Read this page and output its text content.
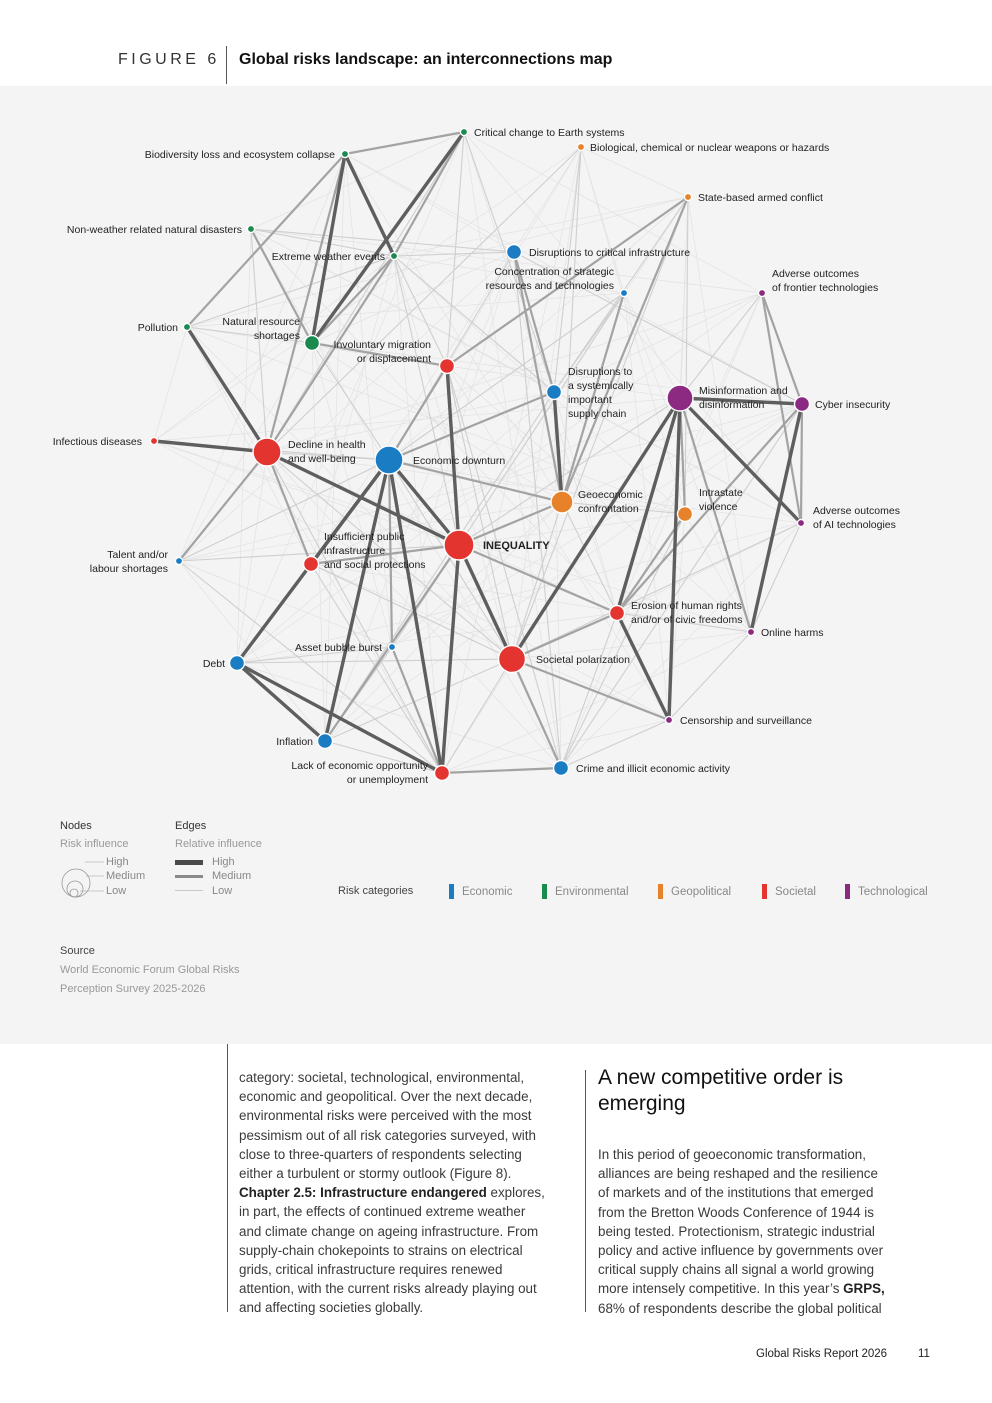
FIGURE 6 Global risks landscape: an interconnections map
Critical change to Earth systems
Biological, chemical or nuclear weapons or hazards
Biodiversity loss and ecosystem collapse
State-based armed conflict
Non-weather related natural disasters
Extreme weather events	Disruptions to critical infrastructure
Concentration of strategic resources and technologies
Adverse outcomes of frontier technologies
Pollution	Natural resource shortages
Involuntary migration or displacement
Disruptions to a systemically important supply chain
Misinformation and disinformation	Cyber insecurity
Infectious diseases	Decline in health and well-being	Economic downturn
Geoeconomic confrontation
Intrastate violence	Adverse outcomes of AI technologies
INEQUALITY
Talent and/or labour shortages
Insufficient public infrastructure and social protections
Erosion of human rights and/or of civic freedoms
Online harms
Asset bubble burst
Societal polarization
Debt
Censorship and surveillance
Inflation
Lack of economic opportunity or unemployment
Crime and illicit economic activity
Nodes
Risk influence
High
Medium
Low
Edges
Relative influence
High
Medium
Low	Risk categories	Economic	Environmental	Geopolitical	Societal	Technological
Source
World Economic Forum Global Risks
Perception Survey 2025-2026
category: societal, technological, environmental,
economic and geopolitical. Over the next decade,
environmental risks were perceived with the most
pessimism out of all risk categories surveyed, with
close to three-quarters of respondents selecting
either a turbulent or stormy outlook (Figure 8).
Chapter 2.5: Infrastructure endangered explores,
in part, the effects of continued extreme weather
and climate change on ageing infrastructure. From
supply-chain chokepoints to strains on electrical
grids, critical infrastructure requires renewed
attention, with the current risks already playing out
and affecting societies globally.
A new competitive order is
emerging
In this period of geoeconomic transformation,
alliances are being reshaped and the resilience
of markets and of the institutions that emerged
from the Bretton Woods Conference of 1944 is
being tested. Protectionism, strategic industrial
policy and active influence by governments over
critical supply chains all signal a world growing
more intensely competitive. In this year’s GRPS,
68% of respondents describe the global political
Global Risks Report 2026	11
